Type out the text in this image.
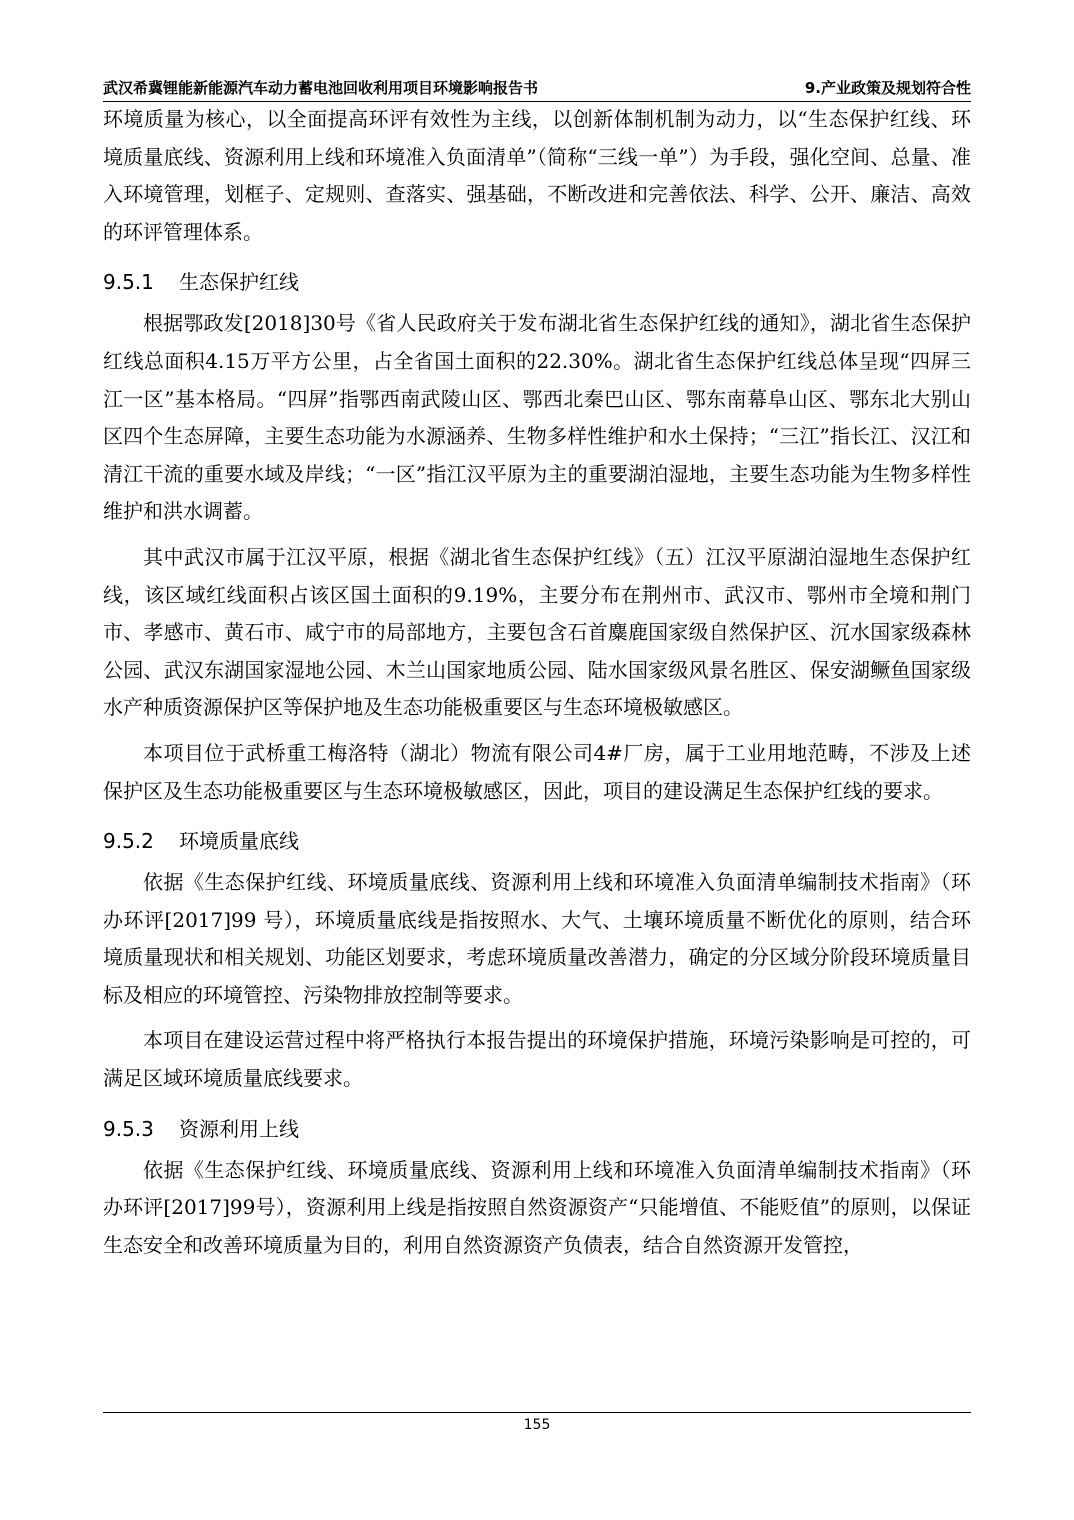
武汉希冀锂能新能源汽车动力蓄电池回收利用项目环境影响报告书	9.产业政策及规划符合性

环境质量为核心，以全面提高环评有效性为主线，以创新体制机制为动力，以“生态保护红线、环境质量底线、资源利用上线和环境准入负面清单”（简称“三线一单”）为手段，强化空间、总量、准入环境管理，划框子、定规则、查落实、强基础，不断改进和完善依法、科学、公开、廉洁、高效的环评管理体系。

9.5.1 生态保护红线

根据鄂政发[2018]30号《省人民政府关于发布湖北省生态保护红线的通知》，湖北省生态保护红线总面积4.15万平方公里，占全省国土面积的22.30%。湖北省生态保护红线总体呈现“四屏三江一区”基本格局。“四屏”指鄂西南武陵山区、鄂西北秦巴山区、鄂东南幕阜山区、鄂东北大别山区四个生态屏障，主要生态功能为水源涵养、生物多样性维护和水土保持；“三江”指长江、汉江和清江干流的重要水域及岸线；“一区”指江汉平原为主的重要湖泊湿地，主要生态功能为生物多样性维护和洪水调蓄。

其中武汉市属于江汉平原，根据《湖北省生态保护红线》（五）江汉平原湖泊湿地生态保护红线，该区域红线面积占该区国土面积的9.19%，主要分布在荆州市、武汉市、鄂州市全境和荆门市、孝感市、黄石市、咸宁市的局部地方，主要包含石首麋鹿国家级自然保护区、沉水国家级森林公园、武汉东湖国家湿地公园、木兰山国家地质公园、陆水国家级风景名胜区、保安湖鳜鱼国家级水产种质资源保护区等保护地及生态功能极重要区与生态环境极敏感区。

本项目位于武桥重工梅洛特（湖北）物流有限公司4#厂房，属于工业用地范畴，不涉及上述保护区及生态功能极重要区与生态环境极敏感区，因此，项目的建设满足生态保护红线的要求。

9.5.2 环境质量底线

依据《生态保护红线、环境质量底线、资源利用上线和环境准入负面清单编制技术指南》（环办环评[2017]99 号），环境质量底线是指按照水、大气、土壤环境质量不断优化的原则，结合环境质量现状和相关规划、功能区划要求，考虑环境质量改善潜力，确定的分区域分阶段环境质量目标及相应的环境管控、污染物排放控制等要求。

本项目在建设运营过程中将严格执行本报告提出的环境保护措施，环境污染影响是可控的，可满足区域环境质量底线要求。

9.5.3 资源利用上线

依据《生态保护红线、环境质量底线、资源利用上线和环境准入负面清单编制技术指南》（环办环评[2017]99号），资源利用上线是指按照自然资源资产“只能增值、不能贬值”的原则，以保证生态安全和改善环境质量为目的，利用自然资源资产负债表，结合自然资源开发管控，

155
